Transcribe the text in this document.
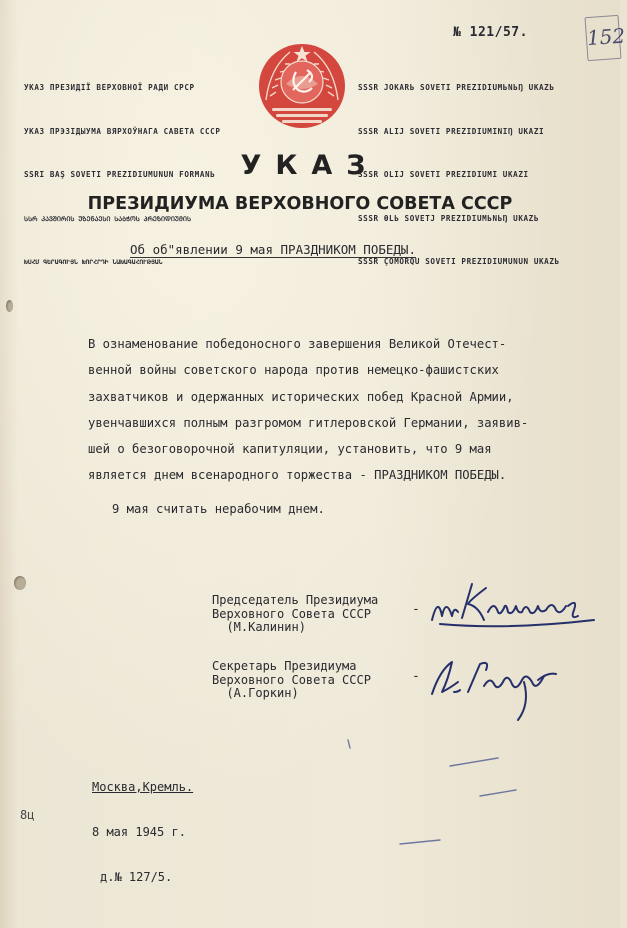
№ 121/57.	152

УКАЗ ПРЕЗИДІЇ ВЕРХОВНОЇ РАДИ СРСР

УКАЗ ПРЭЗІДЫУМА ВЯРХОЎНАГА САВЕТА СССР

SSRI BAŞ SOVETI PREZIDIUMUNUN FORMANЬ

ᲡᲡᲠ ᲙᲐᲕᲨᲘᲠᲘᲡ ᲣᲖᲔᲜᲐᲔᲡᲘ ᲡᲐᲑᲭᲝᲡ ᲞᲠᲔᲖᲘᲓᲘᲣᲛᲘᲡ

ԽՍՀՄ ԳԵՐԱԳՈՒՅՆ ԽՈՐՀՐԴԻ ՆԱԽԱԳԱՀՈՒԹՅԱՆ

SSSR JOKARЬ SOVETI PREZIDIUMЬNЬŊ UKAZЬ

SSSR ALIJ SOVETI PREZIDIUMINIŊ UKAZI

SSSR OLIJ SOVETI PREZIDIUMI UKAZI

SSSR ӨLЬ SOVETJ PREZIDIUMЬNЬŊ UKAZЬ

SSSR ÇOMORQU SOVETI PREZIDIUMUNUN UKAZЬ

УКАЗ
ПРЕЗИДИУМА ВЕРХОВНОГО СОВЕТА СССР
Об об"явлении 9 мая ПРАЗДНИКОМ ПОБЕДЫ.
В ознаменование победоносного завершения Великой Отечест-
венной войны советского народа против немецко-фашистских
захватчиков и одержанных исторических побед Красной Армии,
увенчавшихся полным разгромом гитлеровской Германии, заявив-
шей о безоговорочной капитуляции, установить, что 9 мая
является днем всенародного торжества - ПРАЗДНИКОМ ПОБЕДЫ.
9 мая считать нерабочим днем.
Председатель Президиума
Верховного Совета СССР
(М.Калинин)
-
Секретарь Президиума
Верховного Совета СССР
(А.Горкин)
-

Москва,Кремль.

8 мая 1945 г.

д.№ 127/5.

8ц
